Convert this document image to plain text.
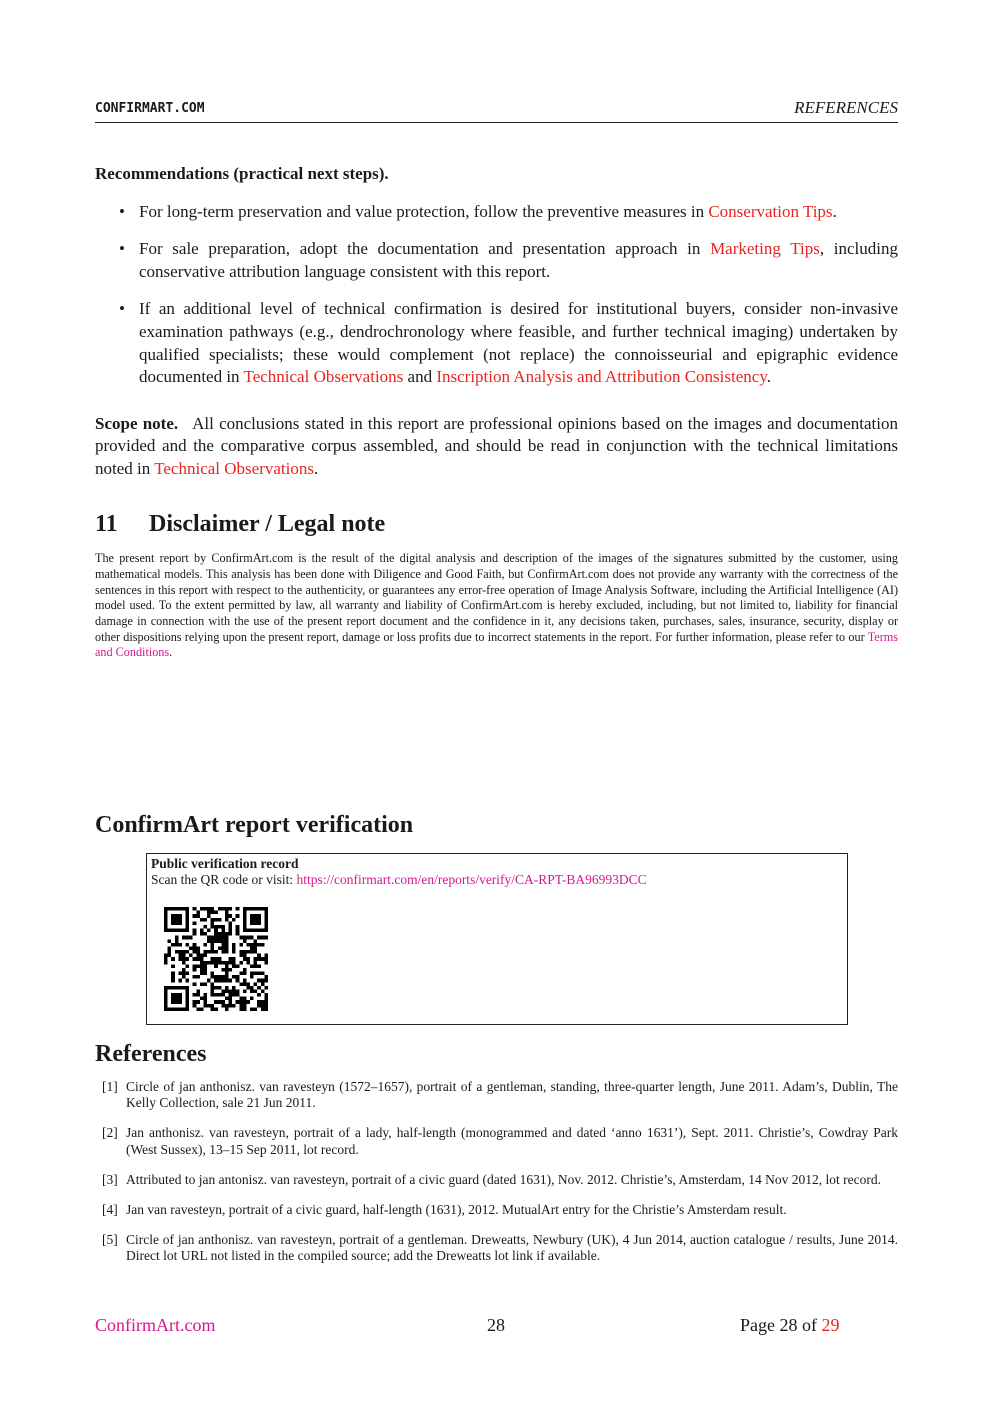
CONFIRMART.COM	REFERENCES

Recommendations (practical next steps).

• For long-term preservation and value protection, follow the preventive measures in Conservation Tips.
• For sale preparation, adopt the documentation and presentation approach in Marketing Tips, including conservative attribution language consistent with this report.
• If an additional level of technical confirmation is desired for institutional buyers, consider non-invasive examination pathways (e.g., dendrochronology where feasible, and further technical imaging) undertaken by qualified specialists; these would complement (not replace) the connoisseurial and epigraphic evidence documented in Technical Observations and Inscription Analysis and Attribution Consistency.

Scope note. All conclusions stated in this report are professional opinions based on the images and documentation provided and the comparative corpus assembled, and should be read in conjunction with the technical limitations noted in Technical Observations.

11 Disclaimer / Legal note

The present report by ConfirmArt.com is the result of the digital analysis and description of the images of the signatures submitted by the customer, using mathematical models. This analysis has been done with Diligence and Good Faith, but ConfirmArt.com does not provide any warranty with the correctness of the sentences in this report with respect to the authenticity, or guarantees any error-free operation of Image Analysis Software, including the Artificial Intelligence (AI) model used. To the extent permitted by law, all warranty and liability of ConfirmArt.com is hereby excluded, including, but not limited to, liability for financial damage in connection with the use of the present report document and the confidence in it, any decisions taken, purchases, sales, insurance, security, display or other dispositions relying upon the present report, damage or loss profits due to incorrect statements in the report. For further information, please refer to our Terms and Conditions.

ConfirmArt report verification
Public verification record
Scan the QR code or visit: https://confirmart.com/en/reports/verify/CA-RPT-BA96993DCC
References
[1] Circle of jan anthonisz. van ravesteyn (1572–1657), portrait of a gentleman, standing, three-quarter length, June 2011. Adam’s, Dublin, The Kelly Collection, sale 21 Jun 2011.
[2] Jan anthonisz. van ravesteyn, portrait of a lady, half-length (monogrammed and dated ‘anno 1631’), Sept. 2011. Christie’s, Cowdray Park (West Sussex), 13–15 Sep 2011, lot record.
[3] Attributed to jan antonisz. van ravesteyn, portrait of a civic guard (dated 1631), Nov. 2012. Christie’s, Amsterdam, 14 Nov 2012, lot record.
[4] Jan van ravesteyn, portrait of a civic guard, half-length (1631), 2012. MutualArt entry for the Christie’s Amsterdam result.
[5] Circle of jan anthonisz. van ravesteyn, portrait of a gentleman. Dreweatts, Newbury (UK), 4 Jun 2014, auction catalogue / results, June 2014. Direct lot URL not listed in the compiled source; add the Dreweatts lot link if available.
ConfirmArt.com	28	Page 28 of 29
